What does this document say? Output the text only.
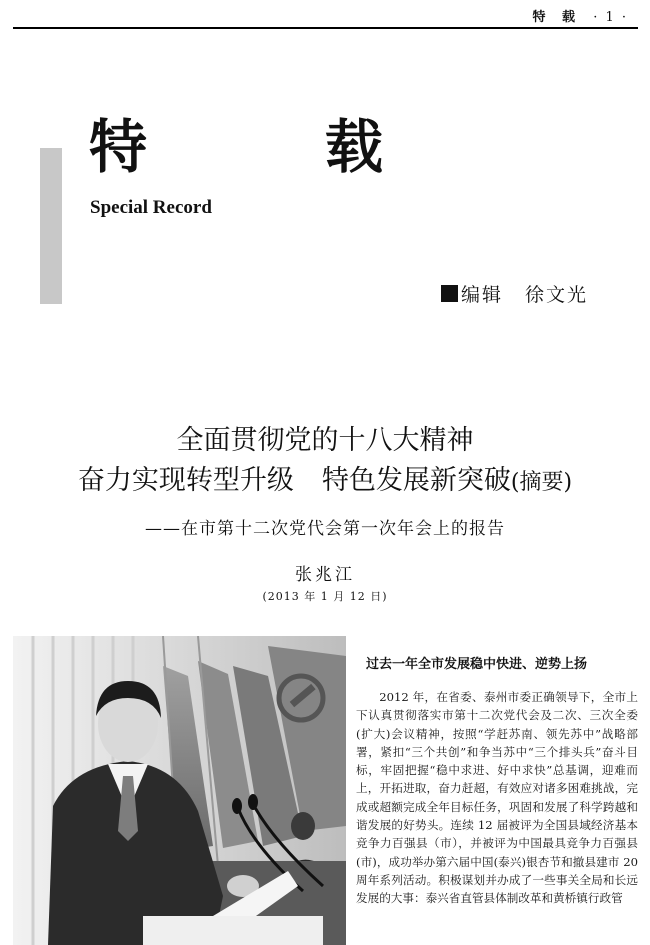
特 载 · 1 ·
特　载
Special Record
编辑 徐文光
全面贯彻党的十八大精神
奋力实现转型升级 特色发展新突破(摘要)
——在市第十二次党代会第一次年会上的报告
张兆江
(2013 年 1 月 12 日)
过去一年全市发展稳中快进、逆势上扬
2012 年，在省委、泰州市委正确领导下，全市上下认真贯彻落实市第十二次党代会及二次、三次全委(扩大)会议精神，按照“学赶苏南、领先苏中”战略部署，紧扣“三个共创”和争当苏中“三个排头兵”奋斗目标，牢固把握“稳中求进、好中求快”总基调，迎难而上，开拓进取，奋力赶超，有效应对诸多困难挑战，完成或超额完成全年目标任务，巩固和发展了科学跨越和谐发展的好势头。连续 12 届被评为全国县域经济基本竞争力百强县（市），并被评为中国最具竞争力百强县(市)，成功举办第六届中国(泰兴)银杏节和撤县建市 20 周年系列活动。积极谋划并办成了一些事关全局和长远发展的大事：泰兴省直管县体制改革和黄桥镇行政管
